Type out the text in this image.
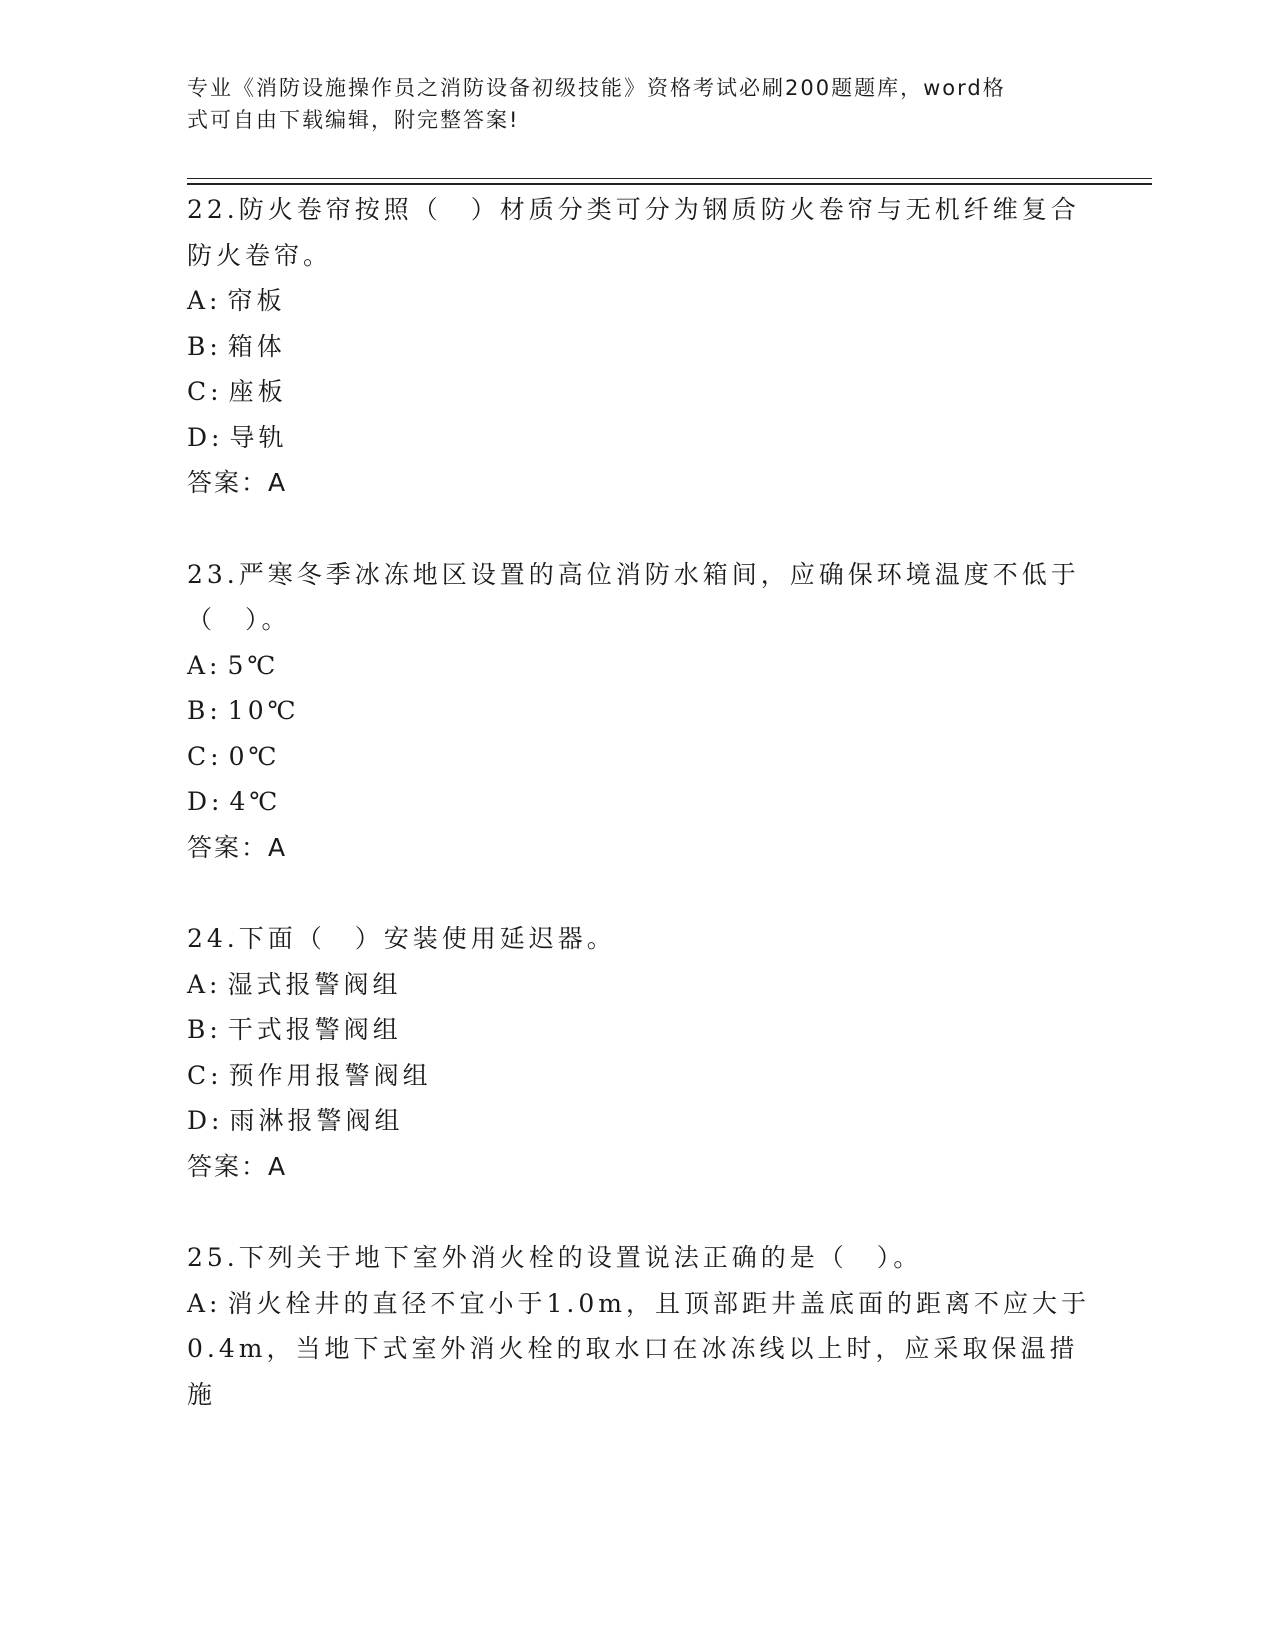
专业《消防设施操作员之消防设备初级技能》资格考试必刷200题题库，word格
式可自由下载编辑，附完整答案!
22.防火卷帘按照（　）材质分类可分为钢质防火卷帘与无机纤维复合
防火卷帘。
A: 帘板
B: 箱体
C: 座板
D: 导轨
答案：A
23.严寒冬季冰冻地区设置的高位消防水箱间，应确保环境温度不低于
（　）。
A: 5℃
B: 10℃
C: 0℃
D: 4℃
答案：A
24.下面（　）安装使用延迟器。
A: 湿式报警阀组
B: 干式报警阀组
C: 预作用报警阀组
D: 雨淋报警阀组
答案：A
25.下列关于地下室外消火栓的设置说法正确的是（　）。
A: 消火栓井的直径不宜小于1.0m，且顶部距井盖底面的距离不应大于
0.4m，当地下式室外消火栓的取水口在冰冻线以上时，应采取保温措
施
